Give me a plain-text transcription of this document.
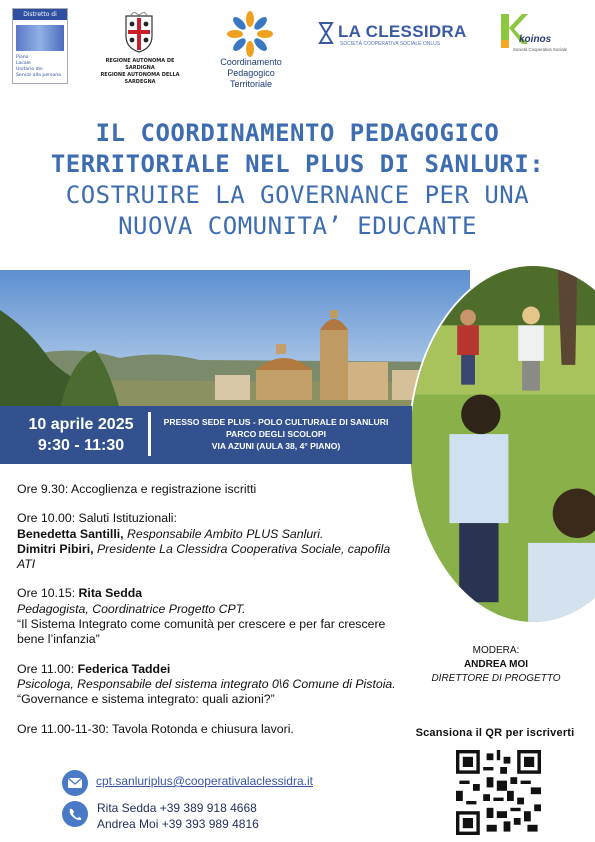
Distretto di
Piano
Locale
Unitario dei
Servizi alla persona
REGIONE AUTONOMA DE SARDIGNA
REGIONE AUTONOMA DELLA SARDEGNA
Coordinamento
Pedagogico
Territoriale
LA CLESSIDRA
SOCIETÀ COOPERATIVA SOCIALE ONLUS	koinos
Società Cooperativa Sociale
IL COORDINAMENTO PEDAGOGICO
TERRITORIALE NEL PLUS DI SANLURI:
COSTRUIRE LA GOVERNANCE PER UNA
NUOVA COMUNITA’ EDUCANTE
10 aprile 2025
9:30 - 11:30
PRESSO SEDE PLUS - POLO CULTURALE DI SANLURI
PARCO DEGLI SCOLOPI
VIA AZUNI (AULA 38, 4° PIANO)

Ore 9.30: Accoglienza e registrazione iscritti

Ore 10.00: Saluti Istituzionali:
Benedetta Santilli, Responsabile Ambito PLUS Sanluri.
Dimitri Pibiri, Presidente La Clessidra Cooperativa Sociale, capofila ATI

Ore 10.15: Rita Sedda
Pedagogista, Coordinatrice Progetto CPT.
“Il Sistema Integrato come comunità per crescere e per far crescere bene l’infanzia”

Ore 11.00: Federica Taddei
Psicologa, Responsabile del sistema integrato 0\6 Comune di Pistoia.
“Governance e sistema integrato: quali azioni?”

Ore 11.00-11-30: Tavola Rotonda e chiusura lavori.

MODERA:
ANDREA MOI
DIRETTORE DI PROGETTO
Scansiona il QR per iscriverti
cpt.sanluriplus@cooperativalaclessidra.it
Rita Sedda +39 389 918 4668
Andrea Moi +39 393 989 4816
